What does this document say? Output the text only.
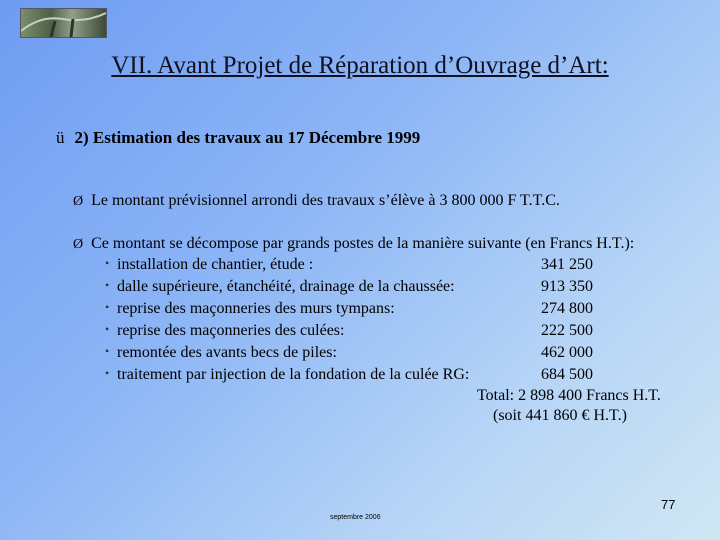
VII. Avant Projet de Réparation d’Ouvrage d’Art:
ü 2) Estimation des travaux au 17 Décembre 1999
Ø Le montant prévisionnel arrondi des travaux s’élève à 3 800 000 F T.T.C.
Ø Ce montant se décompose par grands postes de la manière suivante (en Francs H.T.):
• installation de chantier, étude :	341 250
• dalle supérieure, étanchéité, drainage de la chaussée:	913 350
• reprise des maçonneries des murs tympans:	274 800
• reprise des maçonneries des culées:	222 500
• remontée des avants becs de piles:	462 000
• traitement par injection de la fondation de la culée RG:	684 500
Total: 2 898 400 Francs H.T.
(soit 441 860 € H.T.)
77
septembre 2006
